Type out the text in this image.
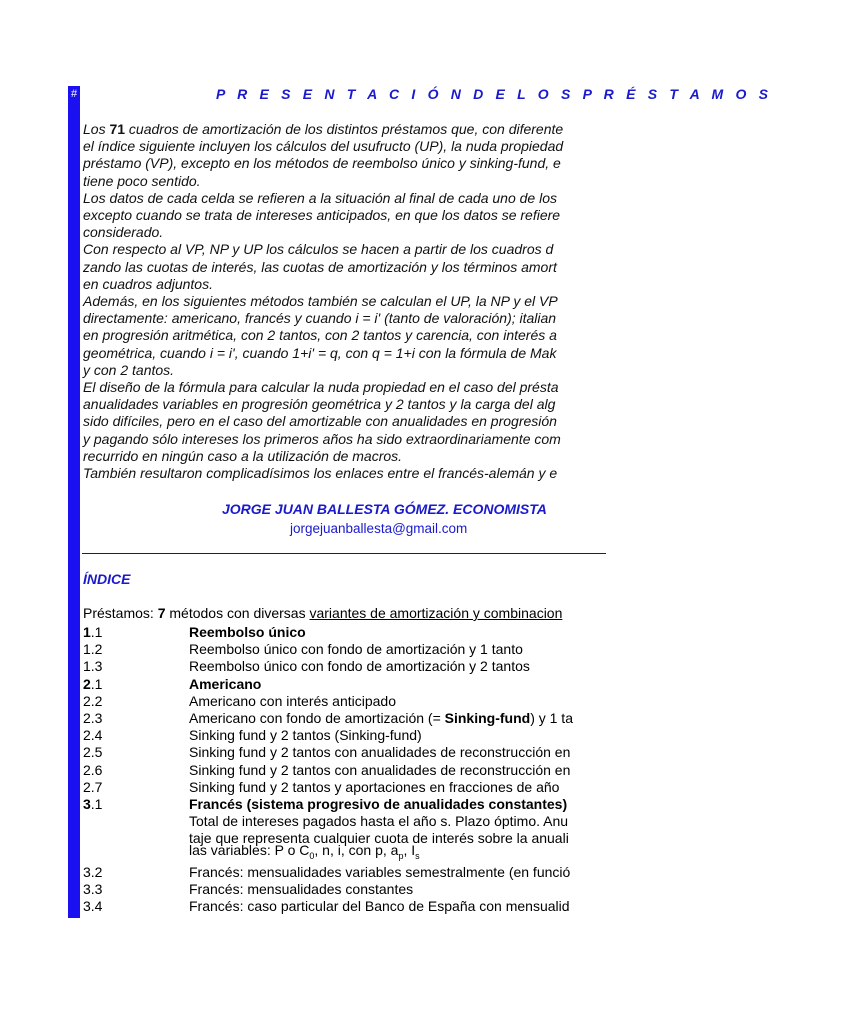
#	P R E S E N T A C I Ó N D E L O S P R É S T A M O S
Los 71 cuadros de amortización de los distintos préstamos que, con diferente
el índice siguiente incluyen los cálculos del usufructo (UP), la nuda propiedad
préstamo (VP), excepto en los métodos de reembolso único y sinking-fund, e
tiene poco sentido.
Los datos de cada celda se refieren a la situación al final de cada uno de los
excepto cuando se trata de intereses anticipados, en que los datos se refiere
considerado.
Con respecto al VP, NP y UP los cálculos se hacen a partir de los cuadros d
zando las cuotas de interés, las cuotas de amortización y los términos amort
en cuadros adjuntos.
Además, en los siguientes métodos también se calculan el UP, la NP y el VP
directamente: americano, francés y cuando i = i' (tanto de valoración); italian
en progresión aritmética, con 2 tantos, con 2 tantos y carencia, con interés a
geométrica, cuando i = i', cuando 1+i' = q, con q = 1+i con la fórmula de Mak
y con 2 tantos.
El diseño de la fórmula para calcular la nuda propiedad en el caso del présta
anualidades variables en progresión geométrica y 2 tantos y la carga del alg
sido difíciles, pero en el caso del amortizable con anualidades en progresión
y pagando sólo intereses los primeros años ha sido extraordinariamente com
recurrido en ningún caso a la utilización de macros.
También resultaron complicadísimos los enlaces entre el francés-alemán y e
JORGE JUAN BALLESTA GÓMEZ. ECONOMISTA
jorgejuanballesta@gmail.com
ÍNDICE
Préstamos: 7 métodos con diversas variantes de amortización y combinacion
1.1	Reembolso único
1.2	Reembolso único con fondo de amortización y 1 tanto
1.3	Reembolso único con fondo de amortización y 2 tantos
2.1	Americano
2.2	Americano con interés anticipado
2.3	Americano con fondo de amortización (= Sinking-fund) y 1 ta
2.4	Sinking fund y 2 tantos (Sinking-fund)
2.5	Sinking fund y 2 tantos con anualidades de reconstrucción en
2.6	Sinking fund y 2 tantos con anualidades de reconstrucción en
2.7	Sinking fund y 2 tantos y aportaciones en fracciones de año
3.1	Francés (sistema progresivo de anualidades constantes)
Total de intereses pagados hasta el año s. Plazo óptimo. Anu
taje que representa cualquier cuota de interés sobre la anuali
las variables: P o $C_0$, n, i, con p, $a_p$, $I_s$
3.2	Francés: mensualidades variables semestralmente (en funció
3.3	Francés: mensualidades constantes
3.4	Francés: caso particular del Banco de España con mensualid
